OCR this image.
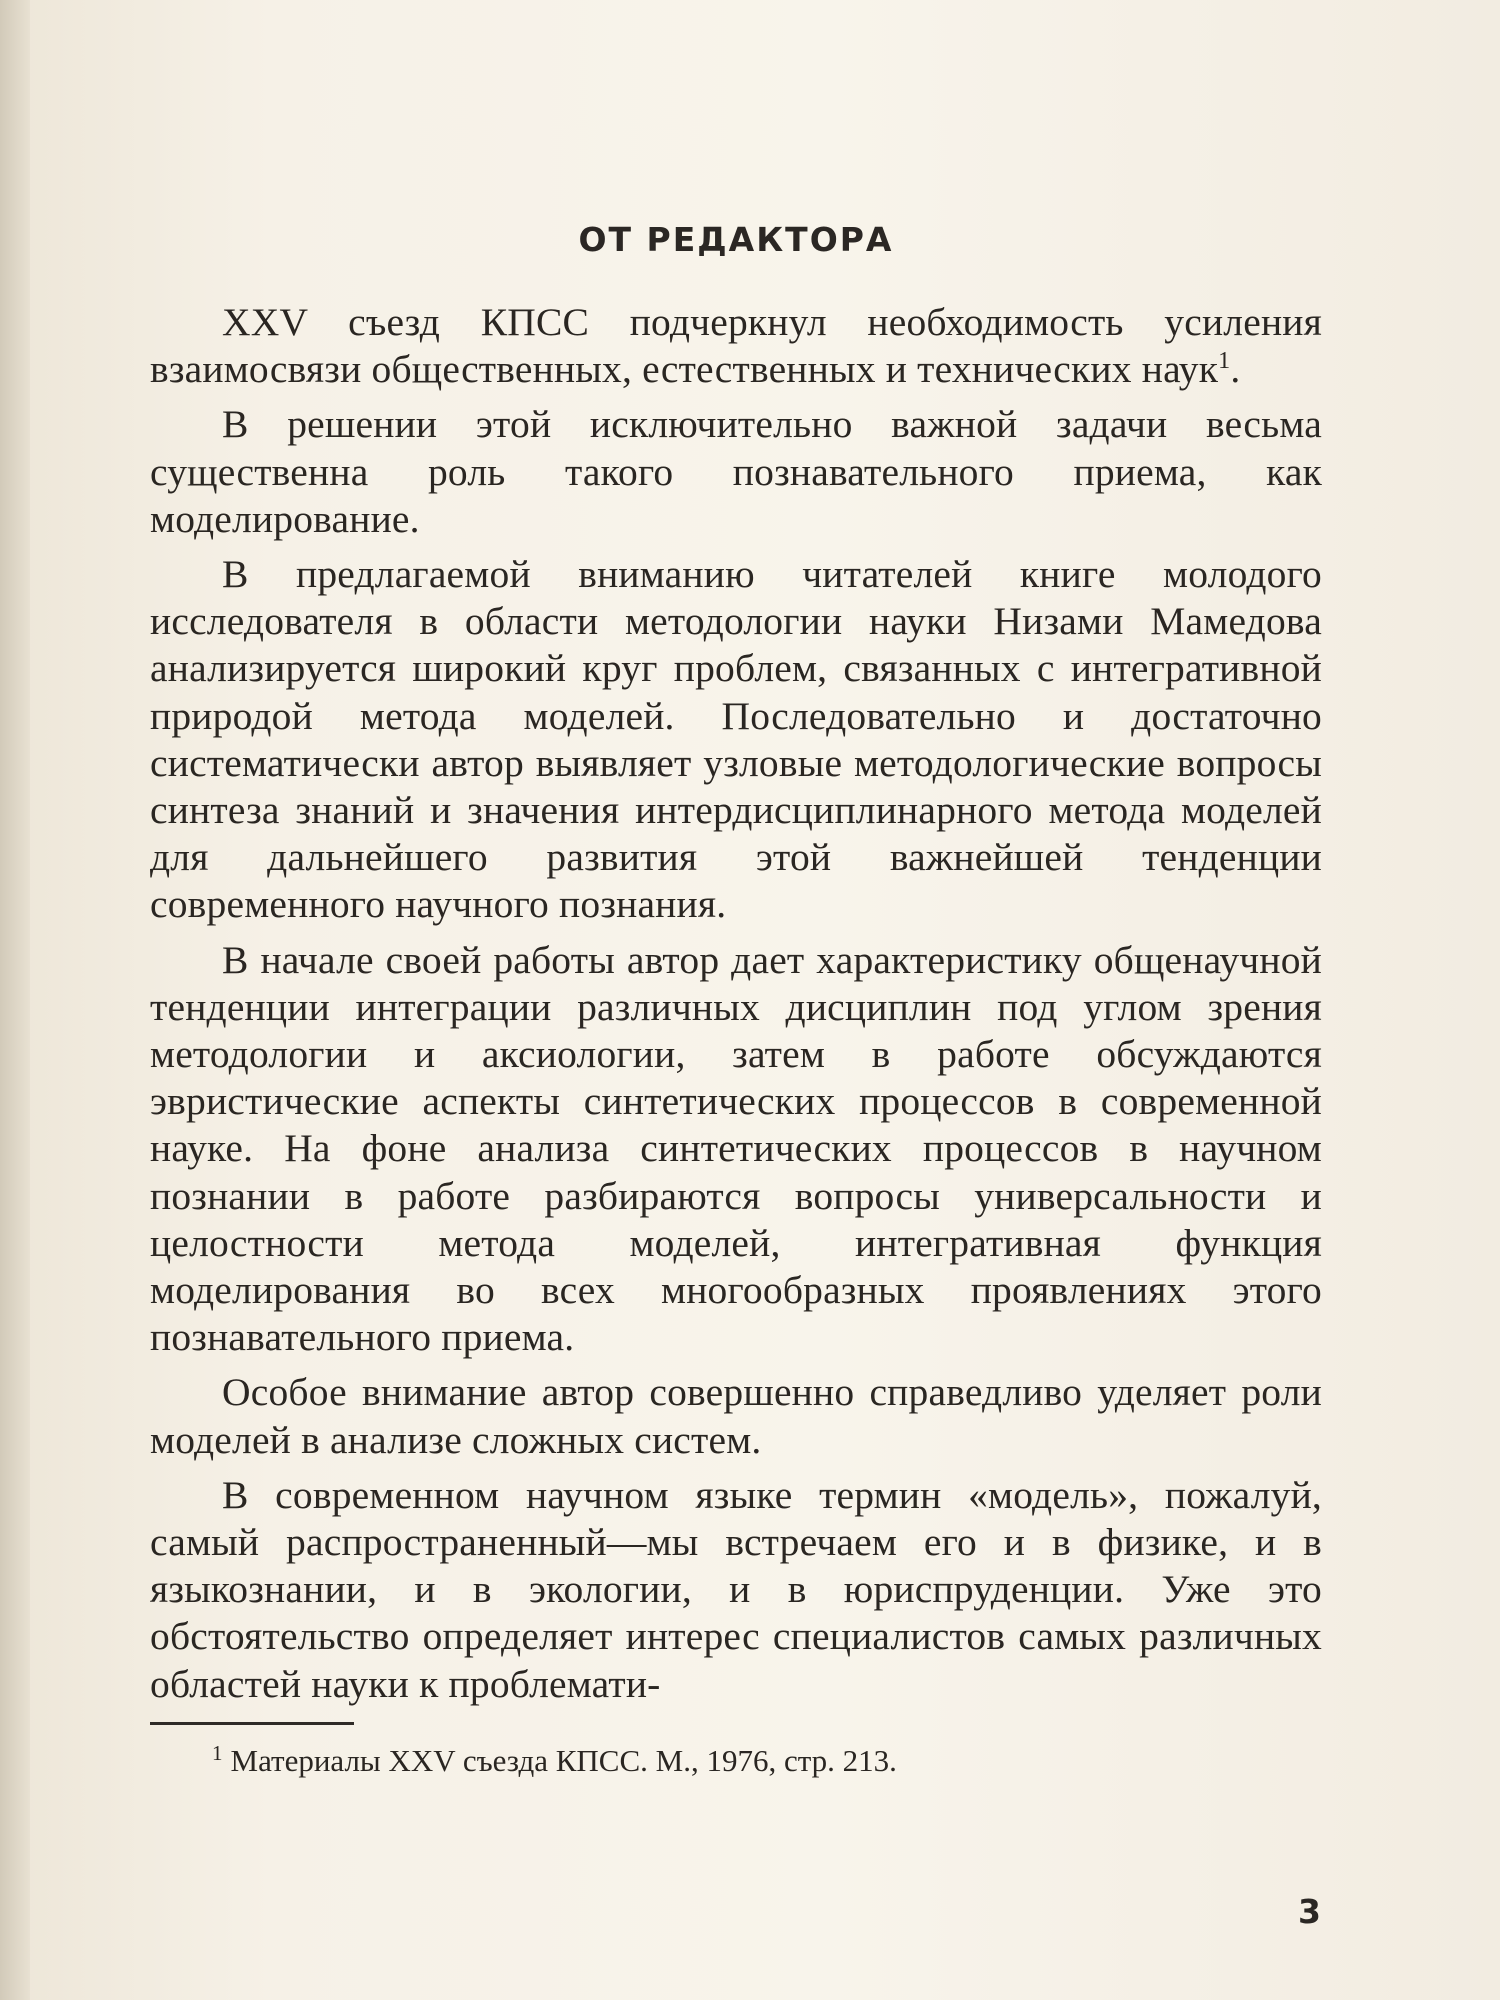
ОТ РЕДАКТОРА

XXV съезд КПСС подчеркнул необходимость усиления взаимосвязи общественных, естественных и технических наук$^1$.

В решении этой исключительно важной задачи весьма существенна роль такого познавательного приема, как моделирование.

В предлагаемой вниманию читателей книге молодого исследователя в области методологии науки Низами Мамедова анализируется широкий круг проблем, связанных с интегративной природой метода моделей. Последовательно и достаточно систематически автор выявляет узловые методологические вопросы синтеза знаний и значения интердисциплинарного метода моделей для дальнейшего развития этой важнейшей тенденции современного научного познания.

В начале своей работы автор дает характеристику общенаучной тенденции интеграции различных дисциплин под углом зрения методологии и аксиологии, затем в работе обсуждаются эвристические аспекты синтетических процессов в современной науке. На фоне анализа синтетических процессов в научном познании в работе разбираются вопросы универсальности и целостности метода моделей, интегративная функция моделирования во всех многообразных проявлениях этого познавательного приема.

Особое внимание автор совершенно справедливо уделяет роли моделей в анализе сложных систем.

В современном научном языке термин «модель», пожалуй, самый распространенный—мы встречаем его и в физике, и в языкознании, и в экологии, и в юриспруденции. Уже это обстоятельство определяет интерес специалистов самых различных областей науки к проблемати-

$^1$ Материалы XXV съезда КПСС. М., 1976, стр. 213.
3
